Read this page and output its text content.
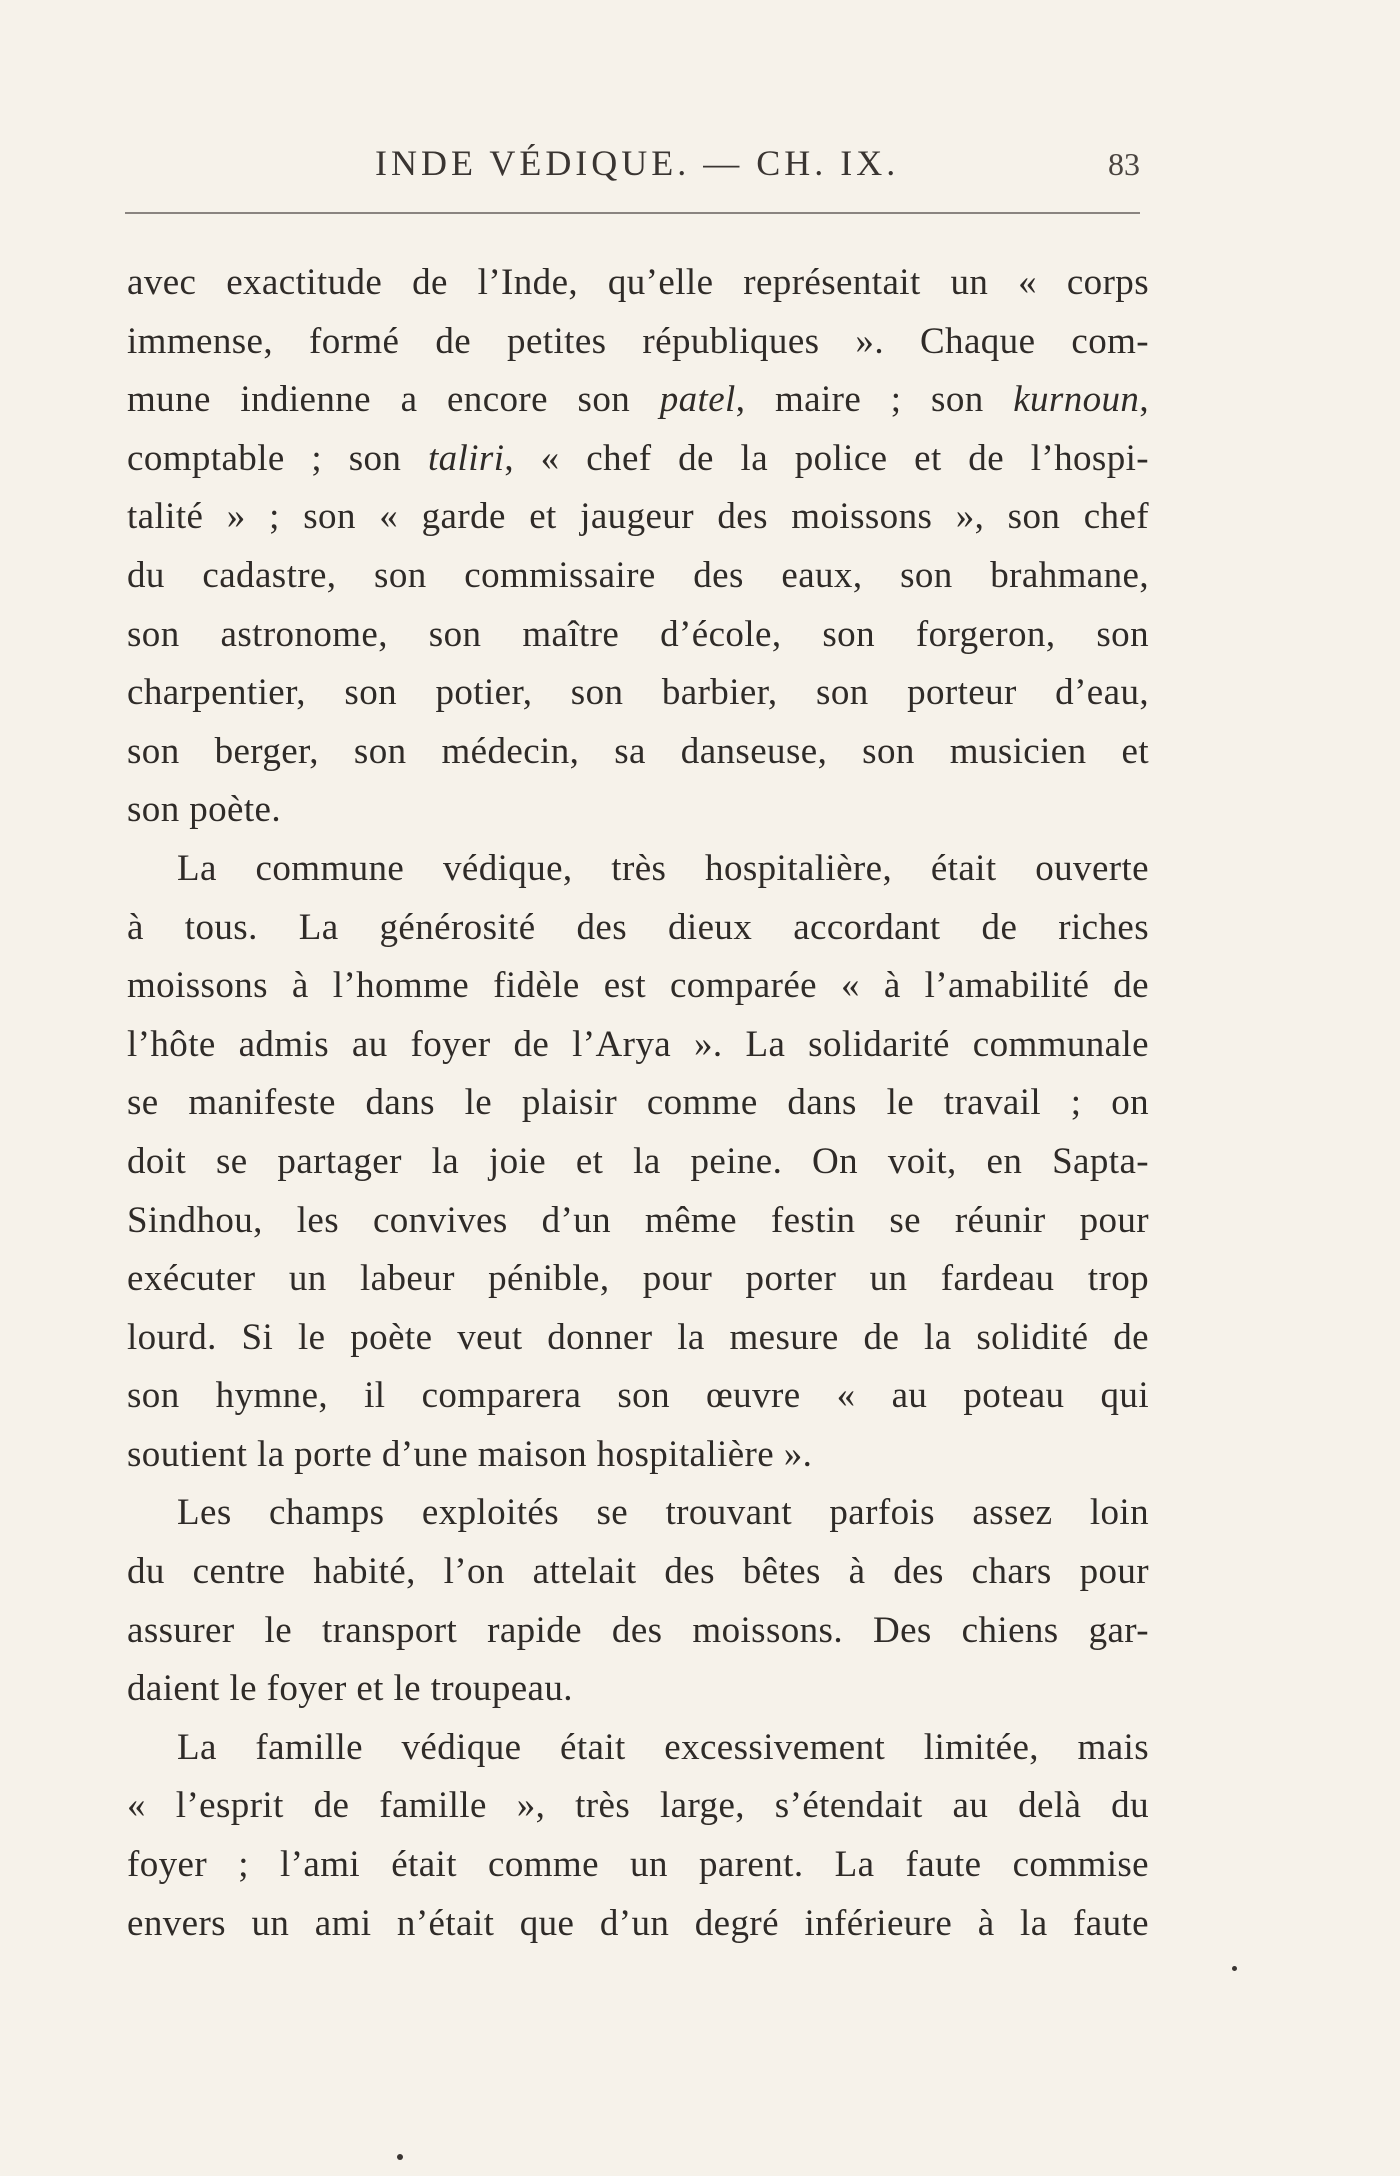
INDE VÉDIQUE. — CH. IX.	83
avec exactitude de l’Inde, qu’elle représentait un « corps
immense, formé de petites républiques ». Chaque com-
mune indienne a encore son patel, maire ; son kurnoun,
comptable ; son taliri, « chef de la police et de l’hospi-
talité » ; son « garde et jaugeur des moissons », son chef
du cadastre, son commissaire des eaux, son brahmane,
son astronome, son maître d’école, son forgeron, son
charpentier, son potier, son barbier, son porteur d’eau,
son berger, son médecin, sa danseuse, son musicien et
son poète.
La commune védique, très hospitalière, était ouverte
à tous. La générosité des dieux accordant de riches
moissons à l’homme fidèle est comparée « à l’amabilité de
l’hôte admis au foyer de l’Arya ». La solidarité communale
se manifeste dans le plaisir comme dans le travail ; on
doit se partager la joie et la peine. On voit, en Sapta-
Sindhou, les convives d’un même festin se réunir pour
exécuter un labeur pénible, pour porter un fardeau trop
lourd. Si le poète veut donner la mesure de la solidité de
son hymne, il comparera son œuvre « au poteau qui
soutient la porte d’une maison hospitalière ».
Les champs exploités se trouvant parfois assez loin
du centre habité, l’on attelait des bêtes à des chars pour
assurer le transport rapide des moissons. Des chiens gar-
daient le foyer et le troupeau.
La famille védique était excessivement limitée, mais
« l’esprit de famille », très large, s’étendait au delà du
foyer ; l’ami était comme un parent. La faute commise
envers un ami n’était que d’un degré inférieure à la faute
